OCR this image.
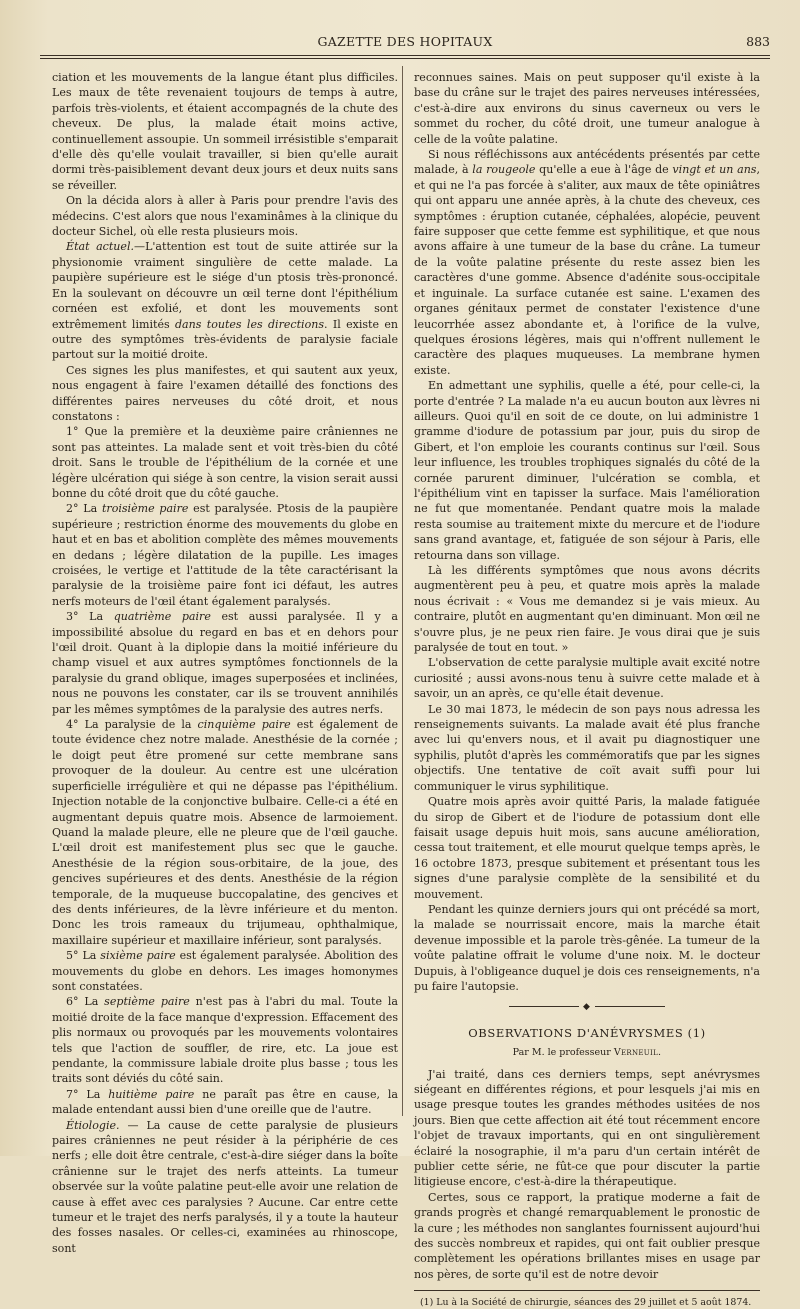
GAZETTE DES HOPITAUX	883

ciation et les mouvements de la langue étant plus difficiles. Les maux de tête revenaient toujours de temps à autre, parfois très-violents, et étaient accompagnés de la chute des cheveux. De plus, la malade était moins active, continuellement assoupie. Un sommeil irrésistible s'emparait d'elle dès qu'elle voulait travailler, si bien qu'elle aurait dormi très-paisiblement devant deux jours et deux nuits sans se réveiller.

On la décida alors à aller à Paris pour prendre l'avis des médecins. C'est alors que nous l'examinâmes à la clinique du docteur Sichel, où elle resta plusieurs mois.

État actuel.—L'attention est tout de suite attirée sur la physionomie vraiment singulière de cette malade. La paupière supérieure est le siége d'un ptosis très-prononcé. En la soulevant on découvre un œil terne dont l'épithélium cornéen est exfolié, et dont les mouvements sont extrêmement limités dans toutes les directions. Il existe en outre des symptômes très-évidents de paralysie faciale partout sur la moitié droite.

Ces signes les plus manifestes, et qui sautent aux yeux, nous engagent à faire l'examen détaillé des fonctions des différentes paires nerveuses du côté droit, et nous constatons :

1° Que la première et la deuxième paire crâniennes ne sont pas atteintes. La malade sent et voit très-bien du côté droit. Sans le trouble de l'épithélium de la cornée et une légère ulcération qui siége à son centre, la vision serait aussi bonne du côté droit que du côté gauche.

2° La troisième paire est paralysée. Ptosis de la paupière supérieure ; restriction énorme des mouvements du globe en haut et en bas et abolition complète des mêmes mouvements en dedans ; légère dilatation de la pupille. Les images croisées, le vertige et l'attitude de la tête caractérisant la paralysie de la troisième paire font ici défaut, les autres nerfs moteurs de l'œil étant également paralysés.

3° La quatrième paire est aussi paralysée. Il y a impossibilité absolue du regard en bas et en dehors pour l'œil droit. Quant à la diplopie dans la moitié inférieure du champ visuel et aux autres symptômes fonctionnels de la paralysie du grand oblique, images superposées et inclinées, nous ne pouvons les constater, car ils se trouvent annihilés par les mêmes symptômes de la paralysie des autres nerfs.

4° La paralysie de la cinquième paire est également de toute évidence chez notre malade. Anesthésie de la cornée ; le doigt peut être promené sur cette membrane sans provoquer de la douleur. Au centre est une ulcération superficielle irrégulière et qui ne dépasse pas l'épithélium. Injection notable de la conjonctive bulbaire. Celle-ci a été en augmentant depuis quatre mois. Absence de larmoiement. Quand la malade pleure, elle ne pleure que de l'œil gauche. L'œil droit est manifestement plus sec que le gauche. Anesthésie de la région sous-orbitaire, de la joue, des gencives supérieures et des dents. Anesthésie de la région temporale, de la muqueuse buccopalatine, des gencives et des dents inférieures, de la lèvre inférieure et du menton. Donc les trois rameaux du trijumeau, ophthalmique, maxillaire supérieur et maxillaire inférieur, sont paralysés.

5° La sixième paire est également paralysée. Abolition des mouvements du globe en dehors. Les images homonymes sont constatées.

6° La septième paire n'est pas à l'abri du mal. Toute la moitié droite de la face manque d'expression. Effacement des plis normaux ou provoqués par les mouvements volontaires tels que l'action de souffler, de rire, etc. La joue est pendante, la commissure labiale droite plus basse ; tous les traits sont déviés du côté sain.

7° La huitième paire ne paraît pas être en cause, la malade entendant aussi bien d'une oreille que de l'autre.

Étiologie. — La cause de cette paralysie de plusieurs paires crâniennes ne peut résider à la périphérie de ces nerfs ; elle doit être centrale, c'est-à-dire siéger dans la boîte crânienne sur le trajet des nerfs atteints. La tumeur observée sur la voûte palatine peut-elle avoir une relation de cause à effet avec ces paralysies ? Aucune. Car entre cette tumeur et le trajet des nerfs paralysés, il y a toute la hauteur des fosses nasales. Or celles-ci, examinées au rhinoscope, sont

reconnues saines. Mais on peut supposer qu'il existe à la base du crâne sur le trajet des paires nerveuses intéressées, c'est-à-dire aux environs du sinus caverneux ou vers le sommet du rocher, du côté droit, une tumeur analogue à celle de la voûte palatine.

Si nous réfléchissons aux antécédents présentés par cette malade, à la rougeole qu'elle a eue à l'âge de vingt et un ans, et qui ne l'a pas forcée à s'aliter, aux maux de tête opiniâtres qui ont apparu une année après, à la chute des cheveux, ces symptômes : éruption cutanée, céphalées, alopécie, peuvent faire supposer que cette femme est syphilitique, et que nous avons affaire à une tumeur de la base du crâne. La tumeur de la voûte palatine présente du reste assez bien les caractères d'une gomme. Absence d'adénite sous-occipitale et inguinale. La surface cutanée est saine. L'examen des organes génitaux permet de constater l'existence d'une leucorrhée assez abondante et, à l'orifice de la vulve, quelques érosions légères, mais qui n'offrent nullement le caractère des plaques muqueuses. La membrane hymen existe.

En admettant une syphilis, quelle a été, pour celle-ci, la porte d'entrée ? La malade n'a eu aucun bouton aux lèvres ni ailleurs. Quoi qu'il en soit de ce doute, on lui administre 1 gramme d'iodure de potassium par jour, puis du sirop de Gibert, et l'on emploie les courants continus sur l'œil. Sous leur influence, les troubles trophiques signalés du côté de la cornée parurent diminuer, l'ulcération se combla, et l'épithélium vint en tapisser la surface. Mais l'amélioration ne fut que momentanée. Pendant quatre mois la malade resta soumise au traitement mixte du mercure et de l'iodure sans grand avantage, et, fatiguée de son séjour à Paris, elle retourna dans son village.

Là les différents symptômes que nous avons décrits augmentèrent peu à peu, et quatre mois après la malade nous écrivait : « Vous me demandez si je vais mieux. Au contraire, plutôt en augmentant qu'en diminuant. Mon œil ne s'ouvre plus, je ne peux rien faire. Je vous dirai que je suis paralysée de tout en tout. »

L'observation de cette paralysie multiple avait excité notre curiosité ; aussi avons-nous tenu à suivre cette malade et à savoir, un an après, ce qu'elle était devenue.

Le 30 mai 1873, le médecin de son pays nous adressa les renseignements suivants. La malade avait été plus franche avec lui qu'envers nous, et il avait pu diagnostiquer une syphilis, plutôt d'après les commémoratifs que par les signes objectifs. Une tentative de coït avait suffi pour lui communiquer le virus syphilitique.

Quatre mois après avoir quitté Paris, la malade fatiguée du sirop de Gibert et de l'iodure de potassium dont elle faisait usage depuis huit mois, sans aucune amélioration, cessa tout traitement, et elle mourut quelque temps après, le 16 octobre 1873, presque subitement et présentant tous les signes d'une paralysie complète de la sensibilité et du mouvement.

Pendant les quinze derniers jours qui ont précédé sa mort, la malade se nourrissait encore, mais la marche était devenue impossible et la parole très-gênée. La tumeur de la voûte palatine offrait le volume d'une noix. M. le docteur Dupuis, à l'obligeance duquel je dois ces renseignements, n'a pu faire l'autopsie.

◆
OBSERVATIONS D'ANÉVRYSMES (1)
Par M. le professeur Verneuil.

J'ai traité, dans ces derniers temps, sept anévrysmes siégeant en différentes régions, et pour lesquels j'ai mis en usage presque toutes les grandes méthodes usitées de nos jours. Bien que cette affection ait été tout récemment encore l'objet de travaux importants, qui en ont singulièrement éclairé la nosographie, il m'a paru d'un certain intérêt de publier cette série, ne fût-ce que pour discuter la partie litigieuse encore, c'est-à-dire la thérapeutique.

Certes, sous ce rapport, la pratique moderne a fait de grands progrès et changé remarquablement le pronostic de la cure ; les méthodes non sanglantes fournissent aujourd'hui des succès nombreux et rapides, qui ont fait oublier presque complètement les opérations brillantes mises en usage par nos pères, de sorte qu'il est de notre devoir

(1) Lu à la Société de chirurgie, séances des 29 juillet et 5 août 1874.
